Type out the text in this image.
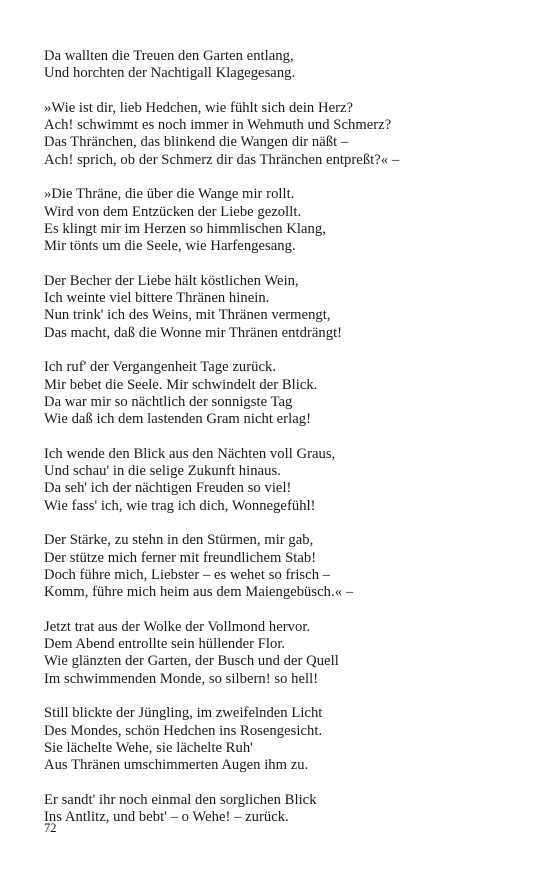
Da wallten die Treuen den Garten entlang,
Und horchten der Nachtigall Klagegesang.
»Wie ist dir, lieb Hedchen, wie fühlt sich dein Herz?
Ach! schwimmt es noch immer in Wehmuth und Schmerz?
Das Thränchen, das blinkend die Wangen dir näßt –
Ach! sprich, ob der Schmerz dir das Thränchen entpreßt?« –
»Die Thräne, die über die Wange mir rollt.
Wird von dem Entzücken der Liebe gezollt.
Es klingt mir im Herzen so himmlischen Klang,
Mir tönts um die Seele, wie Harfengesang.
Der Becher der Liebe hält köstlichen Wein,
Ich weinte viel bittere Thränen hinein.
Nun trink' ich des Weins, mit Thränen vermengt,
Das macht, daß die Wonne mir Thränen entdrängt!
Ich ruf' der Vergangenheit Tage zurück.
Mir bebet die Seele. Mir schwindelt der Blick.
Da war mir so nächtlich der sonnigste Tag
Wie daß ich dem lastenden Gram nicht erlag!
Ich wende den Blick aus den Nächten voll Graus,
Und schau' in die selige Zukunft hinaus.
Da seh' ich der nächtigen Freuden so viel!
Wie fass' ich, wie trag ich dich, Wonnegefühl!
Der Stärke, zu stehn in den Stürmen, mir gab,
Der stütze mich ferner mit freundlichem Stab!
Doch führe mich, Liebster – es wehet so frisch –
Komm, führe mich heim aus dem Maiengebüsch.« –
Jetzt trat aus der Wolke der Vollmond hervor.
Dem Abend entrollte sein hüllender Flor.
Wie glänzten der Garten, der Busch und der Quell
Im schwimmenden Monde, so silbern! so hell!
Still blickte der Jüngling, im zweifelnden Licht
Des Mondes, schön Hedchen ins Rosengesicht.
Sie lächelte Wehe, sie lächelte Ruh'
Aus Thränen umschimmerten Augen ihm zu.
Er sandt' ihr noch einmal den sorglichen Blick
Ins Antlitz, und bebt' – o Wehe! – zurück.
72
